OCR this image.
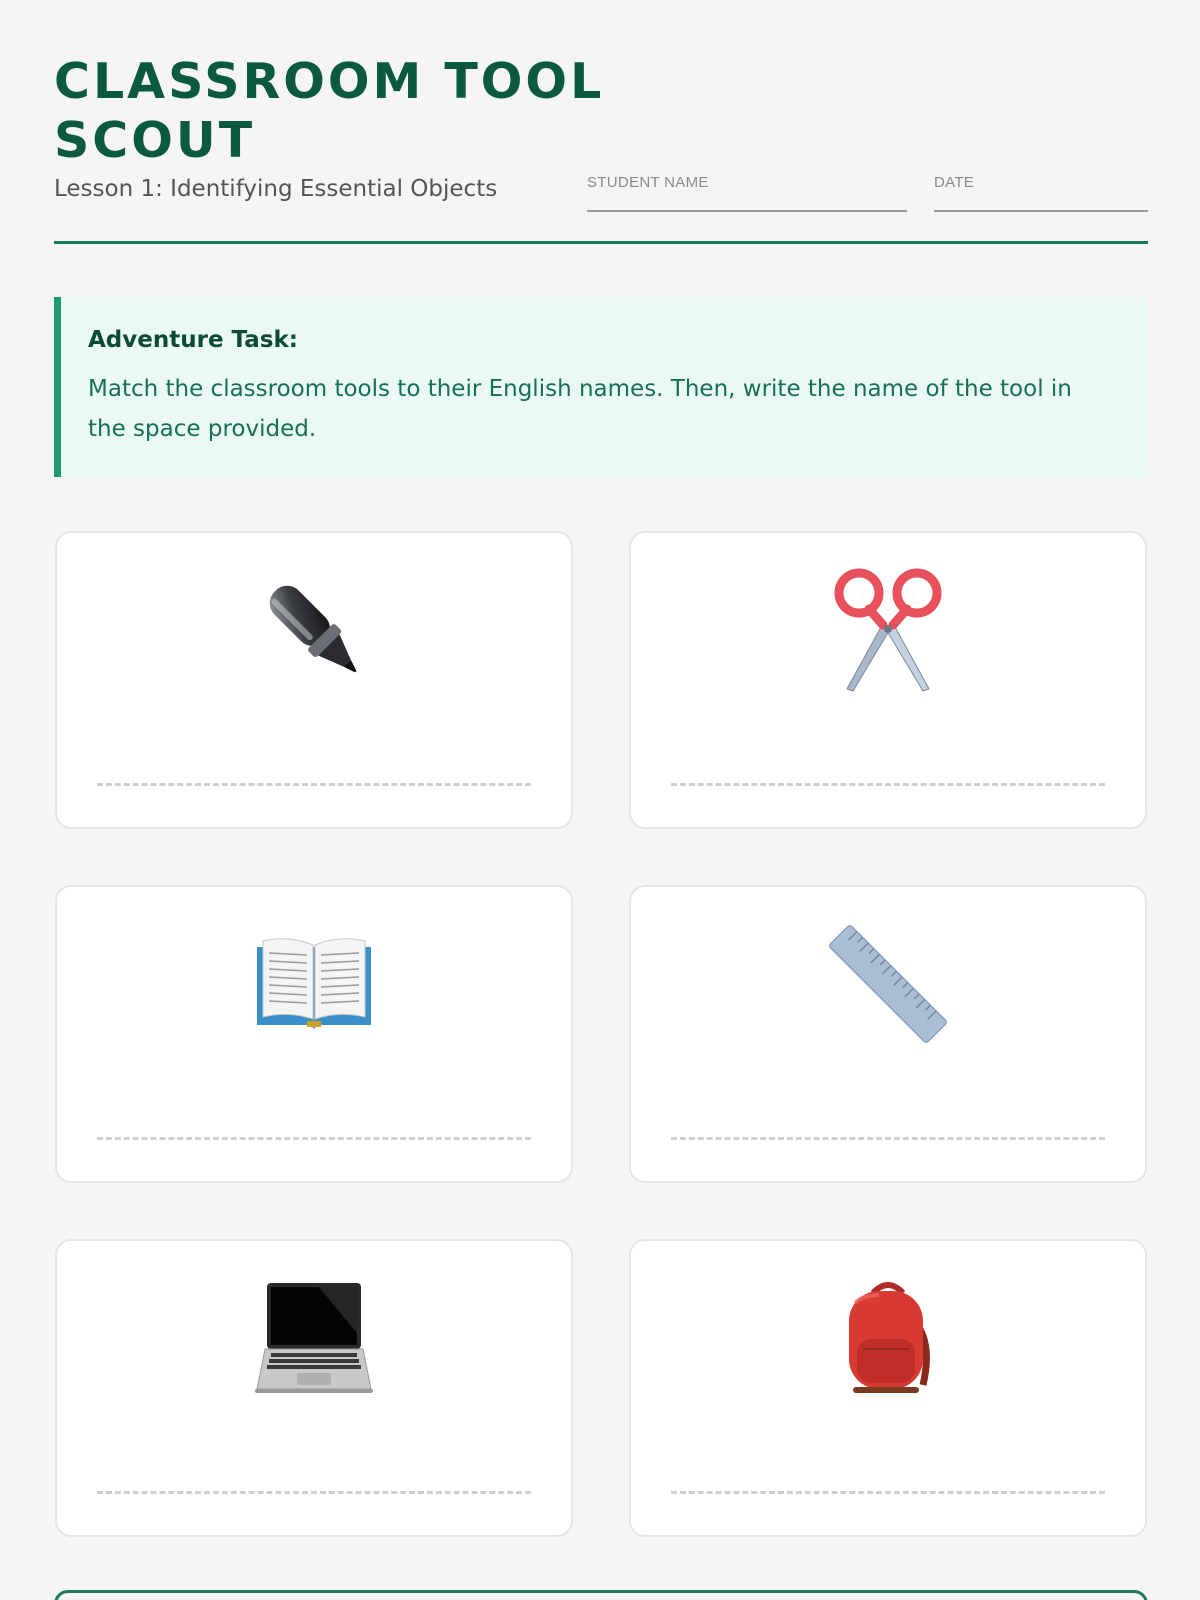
CLASSROOM TOOL SCOUT
Lesson 1: Identifying Essential Objects	STUDENT NAME	DATE
Adventure Task:
Match the classroom tools to their English names. Then, write the name of the tool in the space provided.
